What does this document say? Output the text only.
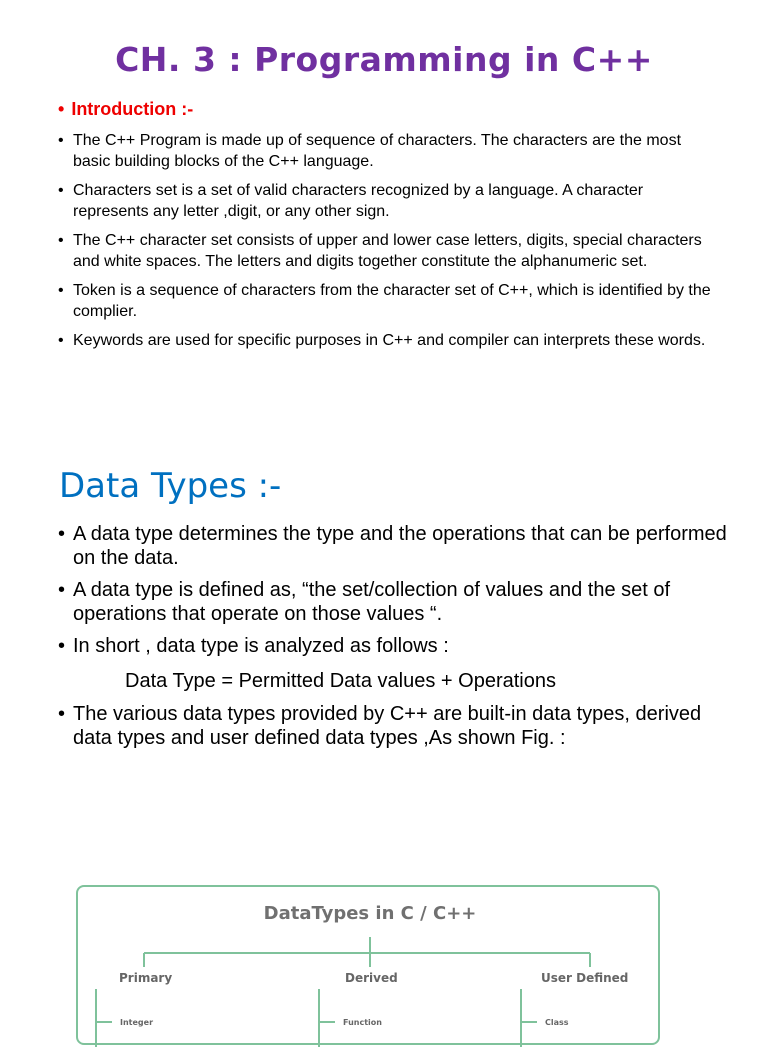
CH. 3 : Programming in C++
• Introduction :-
• The C++ Program is made up of sequence of characters. The characters are the most basic building blocks of the C++ language.
• Characters set is a set of valid characters recognized by a language. A character represents any letter ,digit, or any other sign.
• The C++ character set consists of upper and lower case letters, digits, special characters and white spaces. The letters and digits together constitute the alphanumeric set.
• Token is a sequence of characters from the character set of C++, which is identified by the complier.
• Keywords are used for specific purposes in C++ and compiler can interprets these words.
Data Types :-
• A data type determines the type and the operations that can be performed on the data.
• A data type is defined as, “the set/collection of values and the set of operations that operate on those values “.
• In short , data type is analyzed as follows :
Data Type = Permitted Data values + Operations
• The various data types provided by C++ are built-in data types, derived data types and user defined data types ,As shown Fig. :
DataTypes in C / C++
Primary	Derived	User Defined
Integer	Function	Class
